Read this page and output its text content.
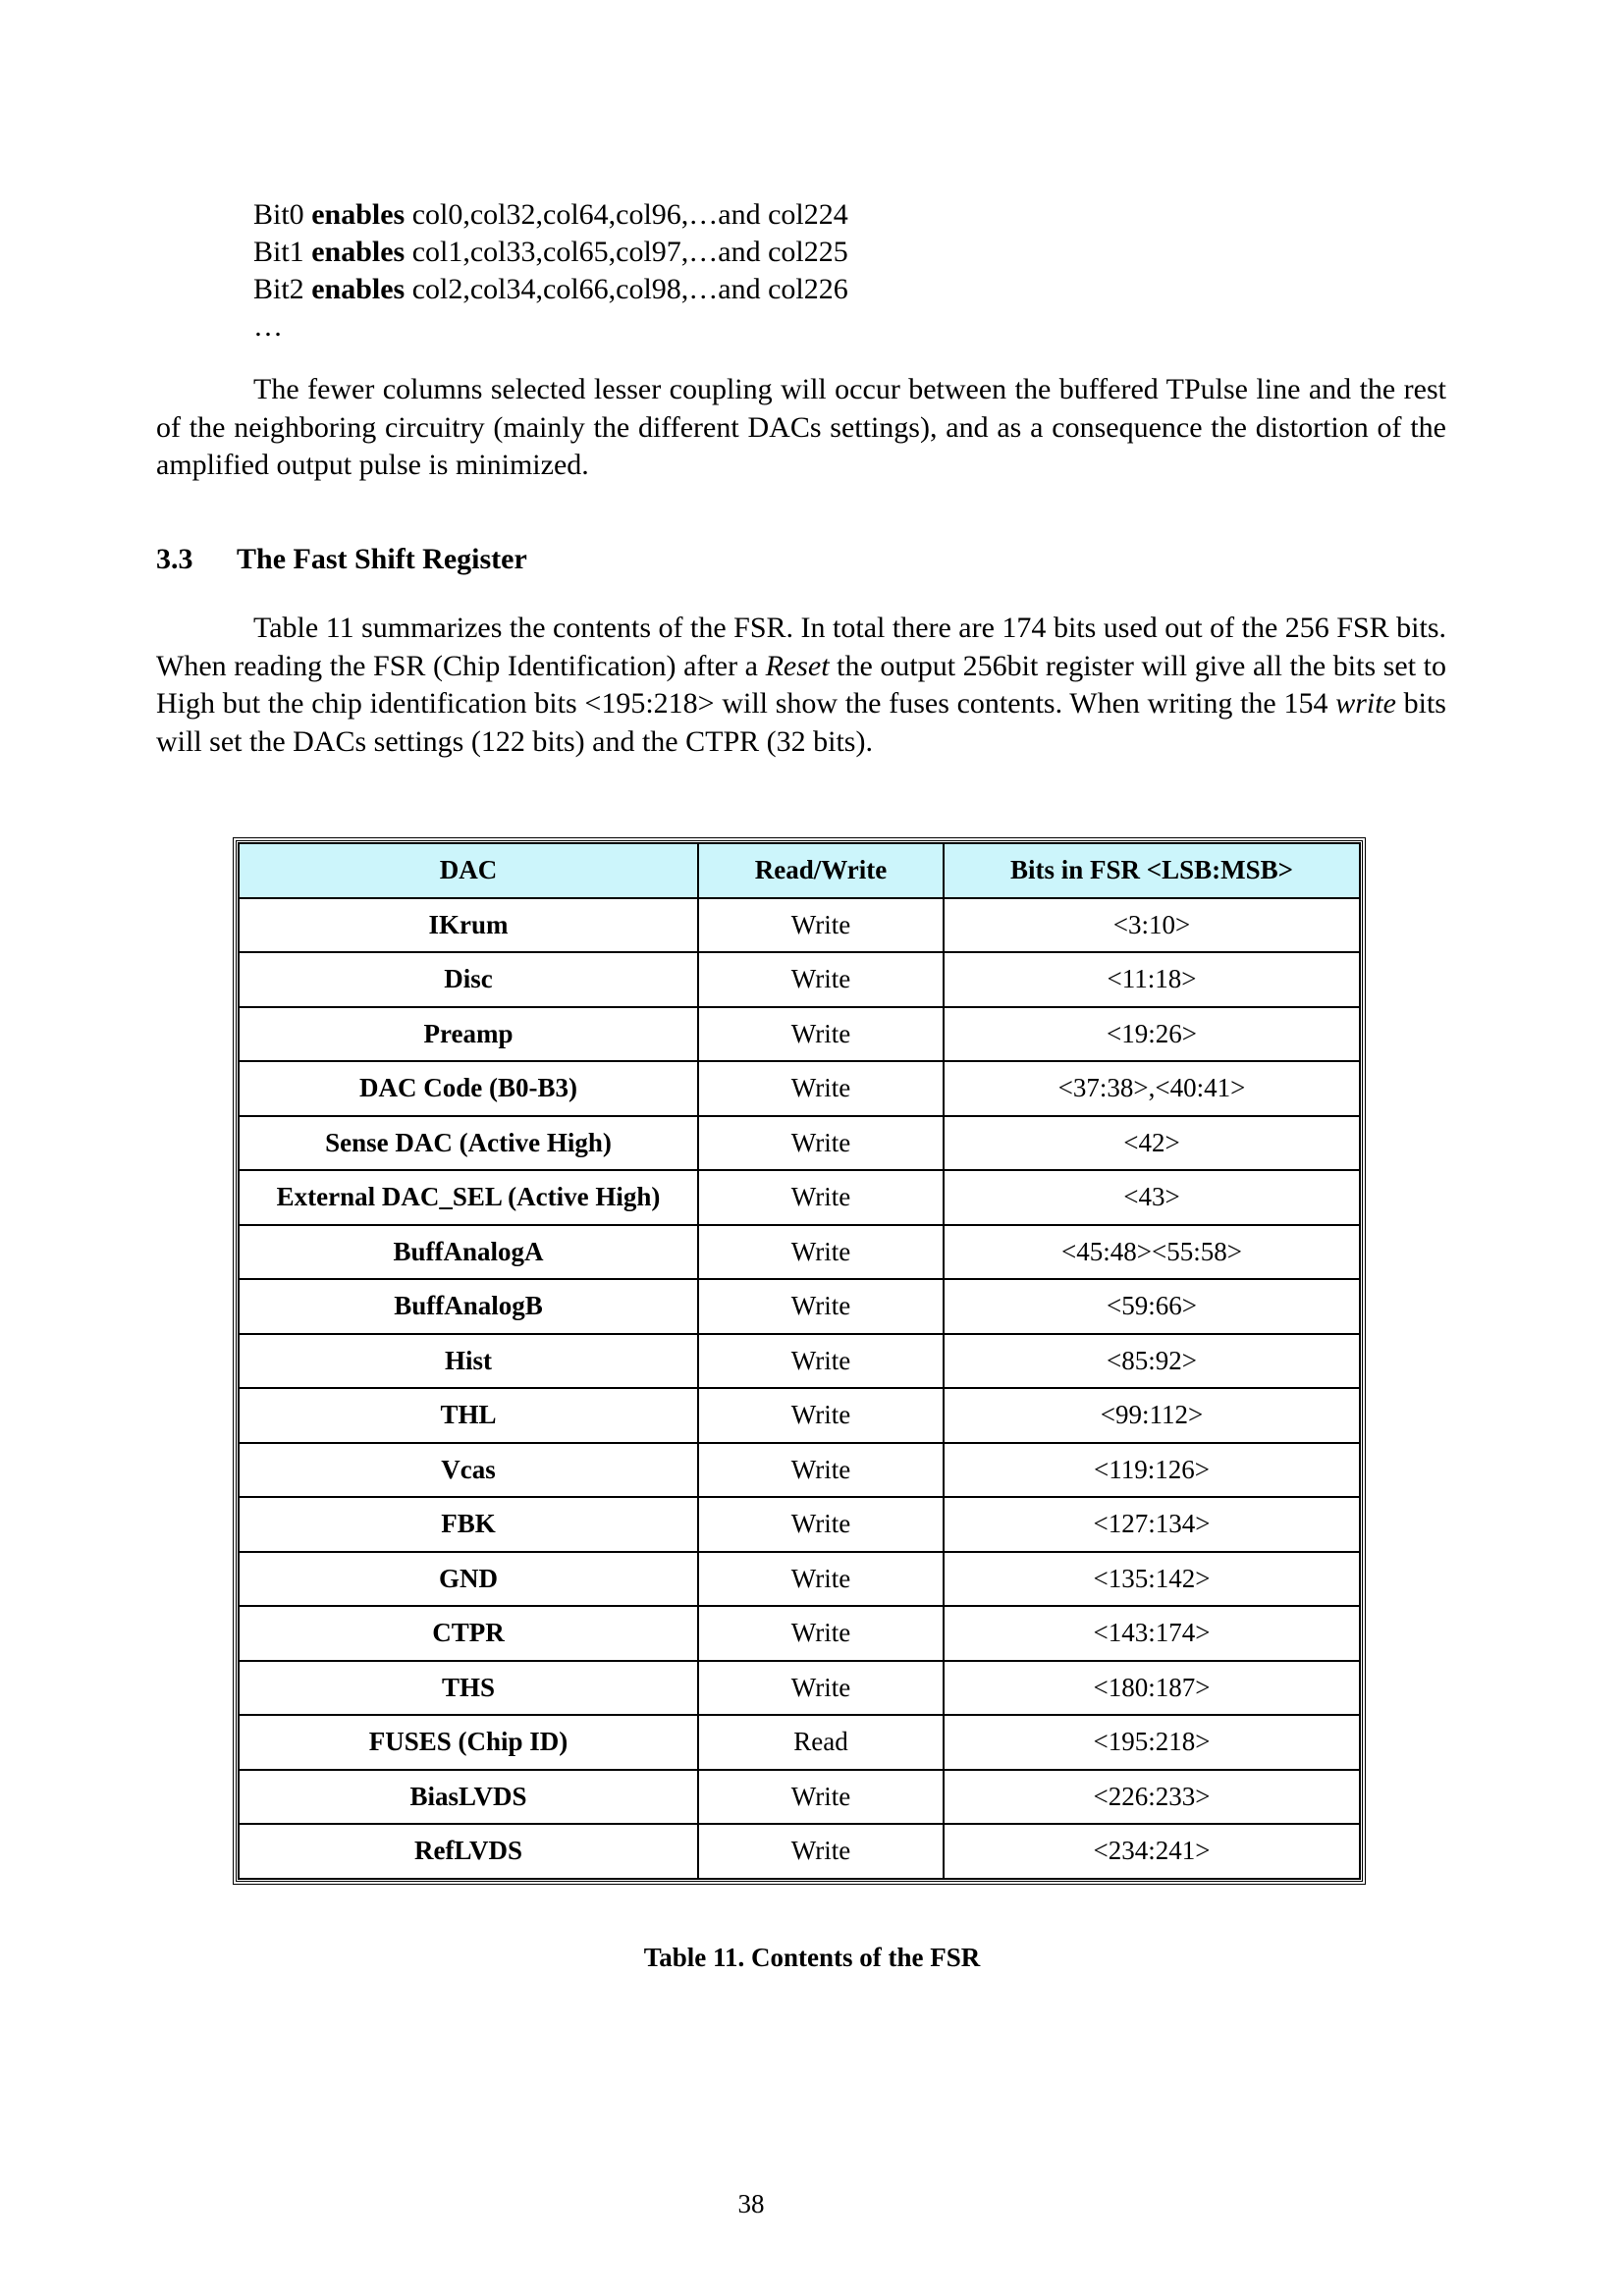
Bit0 enables col0,col32,col64,col96,…and col224
Bit1 enables col1,col33,col65,col97,…and col225
Bit2 enables col2,col34,col66,col98,…and col226
…

The fewer columns selected lesser coupling will occur between the buffered TPulse line and the rest of the neighboring circuitry (mainly the different DACs settings), and as a consequence the distortion of the amplified output pulse is minimized.

3.3 The Fast Shift Register

Table 11 summarizes the contents of the FSR. In total there are 174 bits used out of the 256 FSR bits. When reading the FSR (Chip Identification) after a Reset the output 256bit register will give all the bits set to High but the chip identification bits <195:218> will show the fuses contents. When writing the 154 write bits will set the DACs settings (122 bits) and the CTPR (32 bits).

DAC	Read/Write	Bits in FSR <LSB:MSB>
IKrum	Write	<3:10>
Disc	Write	<11:18>
Preamp	Write	<19:26>
DAC Code (B0-B3)	Write	<37:38>,<40:41>
Sense DAC (Active High)	Write	<42>
External DAC_SEL (Active High)	Write	<43>
BuffAnalogA	Write	<45:48><55:58>
BuffAnalogB	Write	<59:66>
Hist	Write	<85:92>
THL	Write	<99:112>
Vcas	Write	<119:126>
FBK	Write	<127:134>
GND	Write	<135:142>
CTPR	Write	<143:174>
THS	Write	<180:187>
FUSES (Chip ID)	Read	<195:218>
BiasLVDS	Write	<226:233>
RefLVDS	Write	<234:241>
Table 11. Contents of the FSR
38
